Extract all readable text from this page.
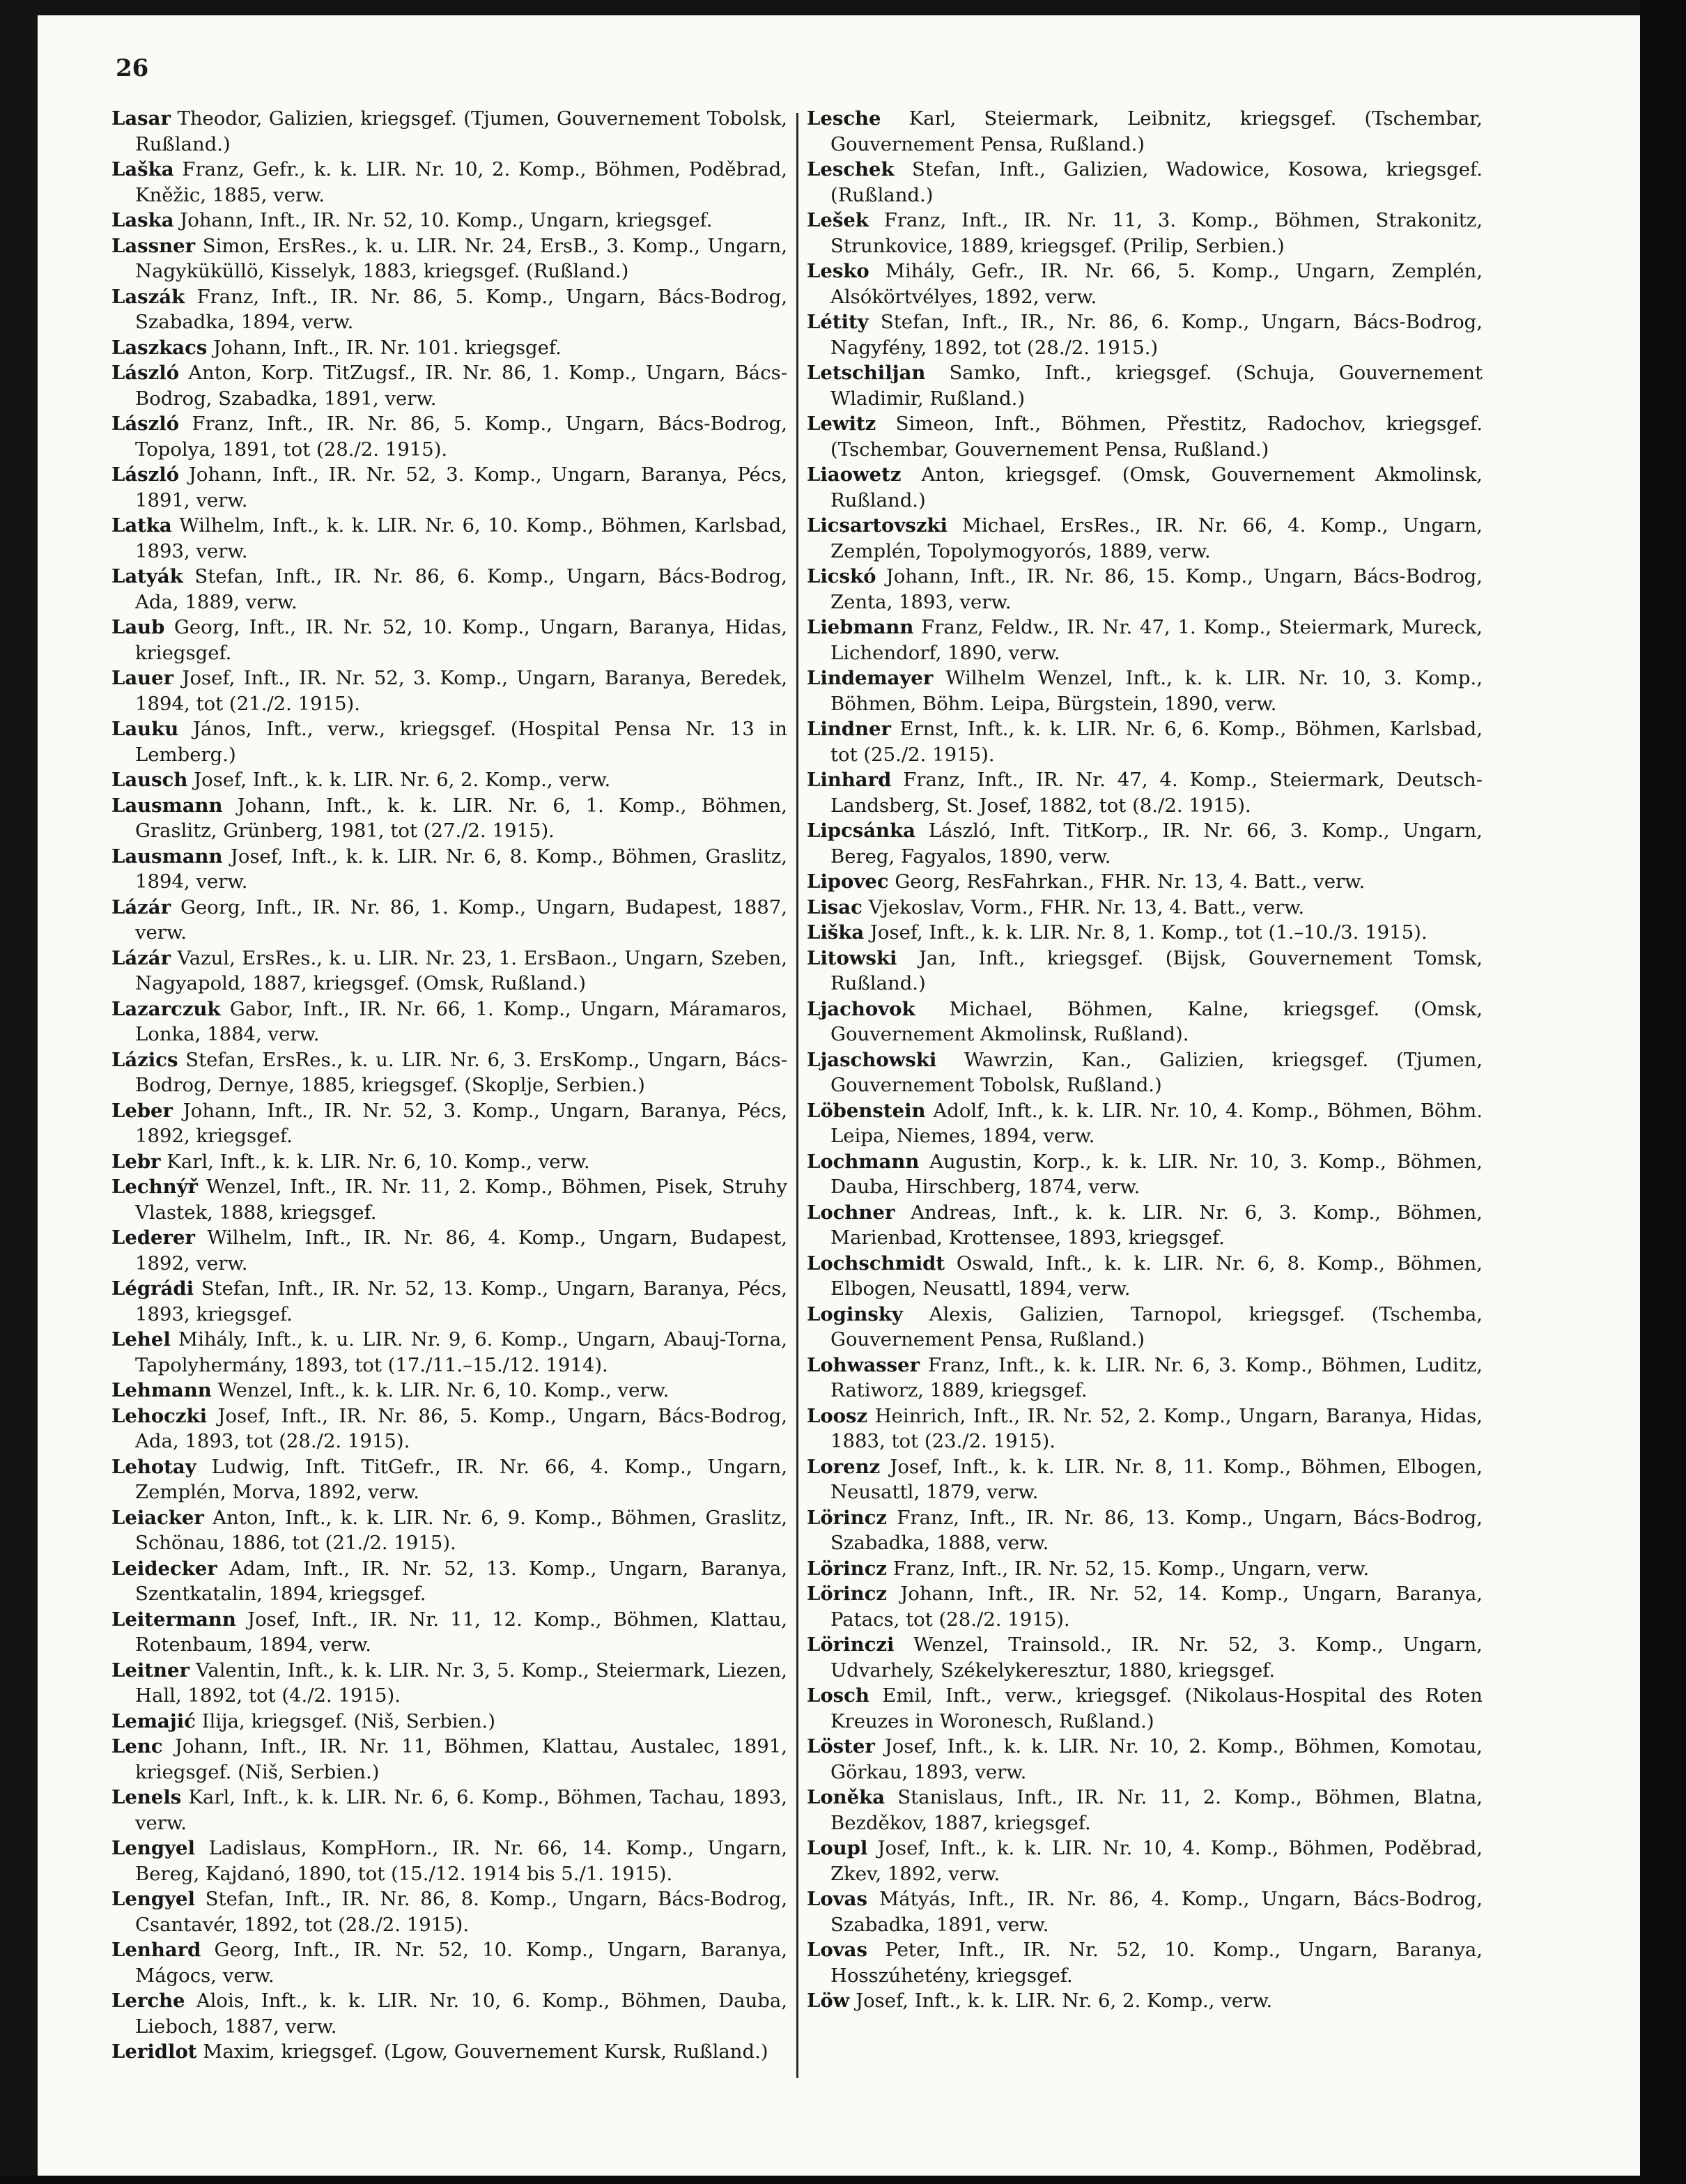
26

Lasar Theodor, Galizien, kriegsgef. (Tjumen, Gouvernement Tobolsk, Rußland.)

Laška Franz, Gefr., k. k. LIR. Nr. 10, 2. Komp., Böhmen, Poděbrad, Kněžic, 1885, verw.

Laska Johann, Inft., IR. Nr. 52, 10. Komp., Ungarn, kriegsgef.

Lassner Simon, ErsRes., k. u. LIR. Nr. 24, ErsB., 3. Komp., Ungarn, Nagyküküllö, Kisselyk, 1883, kriegsgef. (Rußland.)

Laszák Franz, Inft., IR. Nr. 86, 5. Komp., Ungarn, Bács-Bodrog, Szabadka, 1894, verw.

Laszkacs Johann, Inft., IR. Nr. 101. kriegsgef.

László Anton, Korp. TitZugsf., IR. Nr. 86, 1. Komp., Ungarn, Bács-Bodrog, Szabadka, 1891, verw.

László Franz, Inft., IR. Nr. 86, 5. Komp., Ungarn, Bács-Bodrog, Topolya, 1891, tot (28./2. 1915).

László Johann, Inft., IR. Nr. 52, 3. Komp., Ungarn, Baranya, Pécs, 1891, verw.

Latka Wilhelm, Inft., k. k. LIR. Nr. 6, 10. Komp., Böhmen, Karlsbad, 1893, verw.

Latyák Stefan, Inft., IR. Nr. 86, 6. Komp., Ungarn, Bács-Bodrog, Ada, 1889, verw.

Laub Georg, Inft., IR. Nr. 52, 10. Komp., Ungarn, Baranya, Hidas, kriegsgef.

Lauer Josef, Inft., IR. Nr. 52, 3. Komp., Ungarn, Baranya, Beredek, 1894, tot (21./2. 1915).

Lauku János, Inft., verw., kriegsgef. (Hospital Pensa Nr. 13 in Lemberg.)

Lausch Josef, Inft., k. k. LIR. Nr. 6, 2. Komp., verw.

Lausmann Johann, Inft., k. k. LIR. Nr. 6, 1. Komp., Böhmen, Graslitz, Grünberg, 1981, tot (27./2. 1915).

Lausmann Josef, Inft., k. k. LIR. Nr. 6, 8. Komp., Böhmen, Graslitz, 1894, verw.

Lázár Georg, Inft., IR. Nr. 86, 1. Komp., Ungarn, Budapest, 1887, verw.

Lázár Vazul, ErsRes., k. u. LIR. Nr. 23, 1. ErsBaon., Ungarn, Szeben, Nagyapold, 1887, kriegsgef. (Omsk, Rußland.)

Lazarczuk Gabor, Inft., IR. Nr. 66, 1. Komp., Ungarn, Máramaros, Lonka, 1884, verw.

Lázics Stefan, ErsRes., k. u. LIR. Nr. 6, 3. ErsKomp., Ungarn, Bács-Bodrog, Dernye, 1885, kriegsgef. (Skoplje, Serbien.)

Leber Johann, Inft., IR. Nr. 52, 3. Komp., Ungarn, Baranya, Pécs, 1892, kriegsgef.

Lebr Karl, Inft., k. k. LIR. Nr. 6, 10. Komp., verw.

Lechnýř Wenzel, Inft., IR. Nr. 11, 2. Komp., Böhmen, Pisek, Struhy Vlastek, 1888, kriegsgef.

Lederer Wilhelm, Inft., IR. Nr. 86, 4. Komp., Ungarn, Budapest, 1892, verw.

Légrádi Stefan, Inft., IR. Nr. 52, 13. Komp., Ungarn, Baranya, Pécs, 1893, kriegsgef.

Lehel Mihály, Inft., k. u. LIR. Nr. 9, 6. Komp., Ungarn, Abauj-Torna, Tapolyhermány, 1893, tot (17./11.–15./12. 1914).

Lehmann Wenzel, Inft., k. k. LIR. Nr. 6, 10. Komp., verw.

Lehoczki Josef, Inft., IR. Nr. 86, 5. Komp., Ungarn, Bács-Bodrog, Ada, 1893, tot (28./2. 1915).

Lehotay Ludwig, Inft. TitGefr., IR. Nr. 66, 4. Komp., Ungarn, Zemplén, Morva, 1892, verw.

Leiacker Anton, Inft., k. k. LIR. Nr. 6, 9. Komp., Böhmen, Graslitz, Schönau, 1886, tot (21./2. 1915).

Leidecker Adam, Inft., IR. Nr. 52, 13. Komp., Ungarn, Baranya, Szentkatalin, 1894, kriegsgef.

Leitermann Josef, Inft., IR. Nr. 11, 12. Komp., Böhmen, Klattau, Rotenbaum, 1894, verw.

Leitner Valentin, Inft., k. k. LIR. Nr. 3, 5. Komp., Steiermark, Liezen, Hall, 1892, tot (4./2. 1915).

Lemajić Ilija, kriegsgef. (Niš, Serbien.)

Lenc Johann, Inft., IR. Nr. 11, Böhmen, Klattau, Austalec, 1891, kriegsgef. (Niš, Serbien.)

Lenels Karl, Inft., k. k. LIR. Nr. 6, 6. Komp., Böhmen, Tachau, 1893, verw.

Lengyel Ladislaus, KompHorn., IR. Nr. 66, 14. Komp., Ungarn, Bereg, Kajdanó, 1890, tot (15./12. 1914 bis 5./1. 1915).

Lengyel Stefan, Inft., IR. Nr. 86, 8. Komp., Ungarn, Bács-Bodrog, Csantavér, 1892, tot (28./2. 1915).

Lenhard Georg, Inft., IR. Nr. 52, 10. Komp., Ungarn, Baranya, Mágocs, verw.

Lerche Alois, Inft., k. k. LIR. Nr. 10, 6. Komp., Böhmen, Dauba, Lieboch, 1887, verw.

Leridlot Maxim, kriegsgef. (Lgow, Gouvernement Kursk, Rußland.)

Lesche Karl, Steiermark, Leibnitz, kriegsgef. (Tschembar, Gouvernement Pensa, Rußland.)

Leschek Stefan, Inft., Galizien, Wadowice, Kosowa, kriegsgef. (Rußland.)

Lešek Franz, Inft., IR. Nr. 11, 3. Komp., Böhmen, Strakonitz, Strunkovice, 1889, kriegsgef. (Prilip, Serbien.)

Lesko Mihály, Gefr., IR. Nr. 66, 5. Komp., Ungarn, Zemplén, Alsókörtvélyes, 1892, verw.

Létity Stefan, Inft., IR., Nr. 86, 6. Komp., Ungarn, Bács-Bodrog, Nagyfény, 1892, tot (28./2. 1915.)

Letschiljan Samko, Inft., kriegsgef. (Schuja, Gouvernement Wladimir, Rußland.)

Lewitz Simeon, Inft., Böhmen, Přestitz, Radochov, kriegsgef. (Tschembar, Gouvernement Pensa, Rußland.)

Liaowetz Anton, kriegsgef. (Omsk, Gouvernement Akmolinsk, Rußland.)

Licsartovszki Michael, ErsRes., IR. Nr. 66, 4. Komp., Ungarn, Zemplén, Topolymogyorós, 1889, verw.

Licskó Johann, Inft., IR. Nr. 86, 15. Komp., Ungarn, Bács-Bodrog, Zenta, 1893, verw.

Liebmann Franz, Feldw., IR. Nr. 47, 1. Komp., Steiermark, Mureck, Lichendorf, 1890, verw.

Lindemayer Wilhelm Wenzel, Inft., k. k. LIR. Nr. 10, 3. Komp., Böhmen, Böhm. Leipa, Bürgstein, 1890, verw.

Lindner Ernst, Inft., k. k. LIR. Nr. 6, 6. Komp., Böhmen, Karlsbad, tot (25./2. 1915).

Linhard Franz, Inft., IR. Nr. 47, 4. Komp., Steiermark, Deutsch-Landsberg, St. Josef, 1882, tot (8./2. 1915).

Lipcsánka László, Inft. TitKorp., IR. Nr. 66, 3. Komp., Ungarn, Bereg, Fagyalos, 1890, verw.

Lipovec Georg, ResFahrkan., FHR. Nr. 13, 4. Batt., verw.

Lisac Vjekoslav, Vorm., FHR. Nr. 13, 4. Batt., verw.

Liška Josef, Inft., k. k. LIR. Nr. 8, 1. Komp., tot (1.–10./3. 1915).

Litowski Jan, Inft., kriegsgef. (Bijsk, Gouvernement Tomsk, Rußland.)

Ljachovok Michael, Böhmen, Kalne, kriegsgef. (Omsk, Gouvernement Akmolinsk, Rußland).

Ljaschowski Wawrzin, Kan., Galizien, kriegsgef. (Tjumen, Gouvernement Tobolsk, Rußland.)

Löbenstein Adolf, Inft., k. k. LIR. Nr. 10, 4. Komp., Böhmen, Böhm. Leipa, Niemes, 1894, verw.

Lochmann Augustin, Korp., k. k. LIR. Nr. 10, 3. Komp., Böhmen, Dauba, Hirschberg, 1874, verw.

Lochner Andreas, Inft., k. k. LIR. Nr. 6, 3. Komp., Böhmen, Marienbad, Krottensee, 1893, kriegsgef.

Lochschmidt Oswald, Inft., k. k. LIR. Nr. 6, 8. Komp., Böhmen, Elbogen, Neusattl, 1894, verw.

Loginsky Alexis, Galizien, Tarnopol, kriegsgef. (Tschemba, Gouvernement Pensa, Rußland.)

Lohwasser Franz, Inft., k. k. LIR. Nr. 6, 3. Komp., Böhmen, Luditz, Ratiworz, 1889, kriegsgef.

Loosz Heinrich, Inft., IR. Nr. 52, 2. Komp., Ungarn, Baranya, Hidas, 1883, tot (23./2. 1915).

Lorenz Josef, Inft., k. k. LIR. Nr. 8, 11. Komp., Böhmen, Elbogen, Neusattl, 1879, verw.

Lörincz Franz, Inft., IR. Nr. 86, 13. Komp., Ungarn, Bács-Bodrog, Szabadka, 1888, verw.

Lörincz Franz, Inft., IR. Nr. 52, 15. Komp., Ungarn, verw.

Lörincz Johann, Inft., IR. Nr. 52, 14. Komp., Ungarn, Baranya, Patacs, tot (28./2. 1915).

Lörinczi Wenzel, Trainsold., IR. Nr. 52, 3. Komp., Ungarn, Udvarhely, Székelykeresztur, 1880, kriegsgef.

Losch Emil, Inft., verw., kriegsgef. (Nikolaus-Hospital des Roten Kreuzes in Woronesch, Rußland.)

Löster Josef, Inft., k. k. LIR. Nr. 10, 2. Komp., Böhmen, Komotau, Görkau, 1893, verw.

Loněka Stanislaus, Inft., IR. Nr. 11, 2. Komp., Böhmen, Blatna, Bezděkov, 1887, kriegsgef.

Loupl Josef, Inft., k. k. LIR. Nr. 10, 4. Komp., Böhmen, Poděbrad, Zkev, 1892, verw.

Lovas Mátyás, Inft., IR. Nr. 86, 4. Komp., Ungarn, Bács-Bodrog, Szabadka, 1891, verw.

Lovas Peter, Inft., IR. Nr. 52, 10. Komp., Ungarn, Baranya, Hosszúhetény, kriegsgef.

Löw Josef, Inft., k. k. LIR. Nr. 6, 2. Komp., verw.
